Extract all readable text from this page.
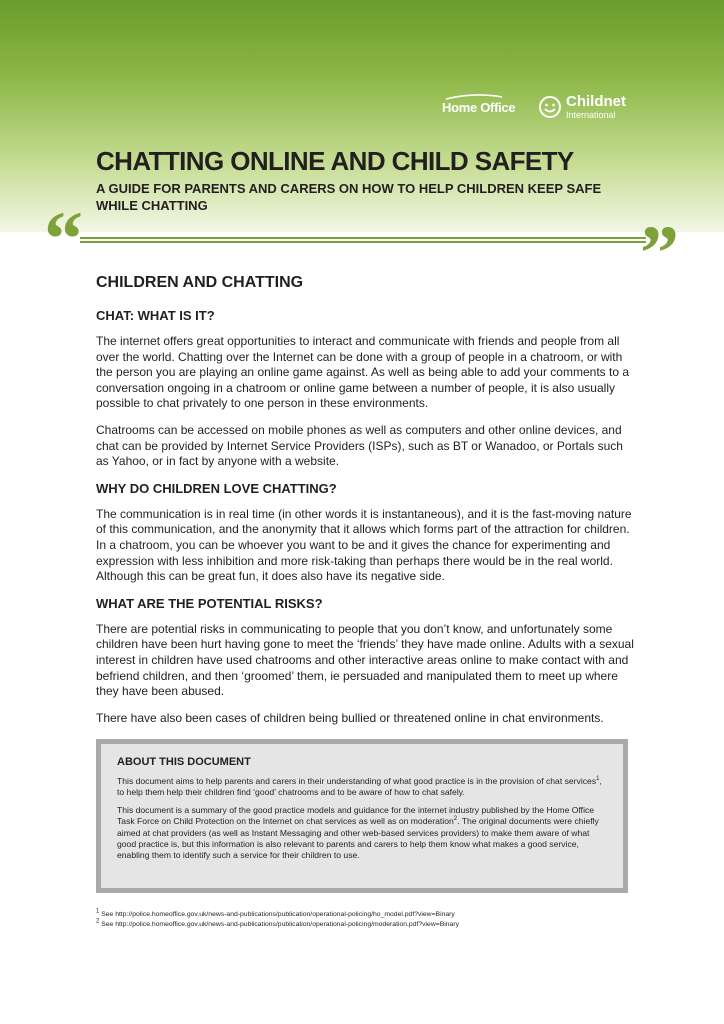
Home Office	Childnet
International
CHATTING ONLINE AND CHILD SAFETY

A GUIDE FOR PARENTS AND CARERS ON HOW TO HELP CHILDREN KEEP SAFE WHILE CHATTING

“	”
CHILDREN AND CHATTING
CHAT: WHAT IS IT?

The internet offers great opportunities to interact and communicate with friends and people from all over the world. Chatting over the Internet can be done with a group of people in a chatroom, or with the person you are playing an online game against. As well as being able to add your comments to a conversation ongoing in a chatroom or online game between a number of people, it is also usually possible to chat privately to one person in these environments.

Chatrooms can be accessed on mobile phones as well as computers and other online devices, and chat can be provided by Internet Service Providers (ISPs), such as BT or Wanadoo, or Portals such as Yahoo, or in fact by anyone with a website.

WHY DO CHILDREN LOVE CHATTING?

The communication is in real time (in other words it is instantaneous), and it is the fast-moving nature of this communication, and the anonymity that it allows which forms part of the attraction for children. In a chatroom, you can be whoever you want to be and it gives the chance for experimenting and expression with less inhibition and more risk-taking than perhaps there would be in the real world. Although this can be great fun, it does also have its negative side.

WHAT ARE THE POTENTIAL RISKS?

There are potential risks in communicating to people that you don’t know, and unfortunately some children have been hurt having gone to meet the ‘friends’ they have made online. Adults with a sexual interest in children have used chatrooms and other interactive areas online to make contact with and befriend children, and then ‘groomed’ them, ie persuaded and manipulated them to meet up where they have been abused.

There have also been cases of children being bullied or threatened online in chat environments.

ABOUT THIS DOCUMENT

This document aims to help parents and carers in their understanding of what good practice is in the provision of chat services$^1$, to help them help their children find ‘good’ chatrooms and to be aware of how to chat safely.

This document is a summary of the good practice models and guidance for the internet industry published by the Home Office Task Force on Child Protection on the Internet on chat services as well as on moderation$^2$. The original documents were chiefly aimed at chat providers (as well as Instant Messaging and other web-based services providers) to make them aware of what good practice is, but this information is also relevant to parents and carers to help them know what makes a good service, enabling them to identify such a service for their children to use.

$^1$ See http://police.homeoffice.gov.uk/news-and-publications/publication/operational-policing/ho_model.pdf?view=Binary

$^2$ See http://police.homeoffice.gov.uk/news-and-publications/publication/operational-policing/moderation.pdf?view=Binary
